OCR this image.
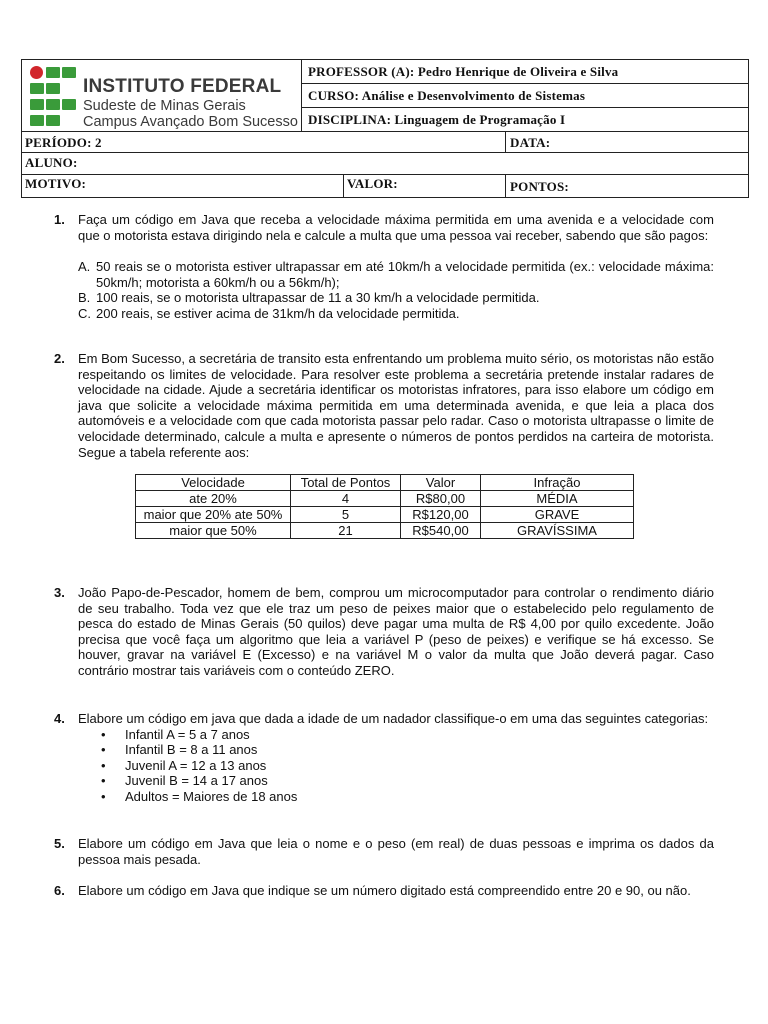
INSTITUTO FEDERAL
Sudeste de Minas Gerais
Campus Avançado Bom Sucesso
PROFESSOR (A): Pedro Henrique de Oliveira e Silva
CURSO: Análise e Desenvolvimento de Sistemas
DISCIPLINA: Linguagem de Programação I
PERÍODO: 2	DATA:
ALUNO:
MOTIVO:	VALOR:	PONTOS:
1. Faça um código em Java que receba a velocidade máxima permitida em uma avenida e a velocidade com que o motorista estava dirigindo nela e calcule a multa que uma pessoa vai receber, sabendo que são pagos:
A. 50 reais se o motorista estiver ultrapassar em até 10km/h a velocidade permitida (ex.: velocidade máxima: 50km/h; motorista a 60km/h ou a 56km/h);
B. 100 reais, se o motorista ultrapassar de 11 a 30 km/h a velocidade permitida.
C. 200 reais, se estiver acima de 31km/h da velocidade permitida.
2. Em Bom Sucesso, a secretária de transito esta enfrentando um problema muito sério, os motoristas não estão respeitando os limites de velocidade. Para resolver este problema a secretária pretende instalar radares de velocidade na cidade. Ajude a secretária identificar os motoristas infratores, para isso elabore um código em java que solicite a velocidade máxima permitida em uma determinada avenida, e que leia a placa dos automóveis e a velocidade com que cada motorista passar pelo radar. Caso o motorista ultrapasse o limite de velocidade determinado, calcule a multa e apresente o números de pontos perdidos na carteira de motorista. Segue a tabela referente aos:
Velocidade	Total de Pontos	Valor	Infração
ate 20%	4	R$80,00	MÉDIA
maior que 20% ate 50%	5	R$120,00	GRAVE
maior que 50%	21	R$540,00	GRAVÍSSIMA
3. João Papo-de-Pescador, homem de bem, comprou um microcomputador para controlar o rendimento diário de seu trabalho. Toda vez que ele traz um peso de peixes maior que o estabelecido pelo regulamento de pesca do estado de Minas Gerais (50 quilos) deve pagar uma multa de R$ 4,00 por quilo excedente. João precisa que você faça um algoritmo que leia a variável P (peso de peixes) e verifique se há excesso. Se houver, gravar na variável E (Excesso) e na variável M o valor da multa que João deverá pagar. Caso contrário mostrar tais variáveis com o conteúdo ZERO.
4. Elabore um código em java que dada a idade de um nadador classifique-o em uma das seguintes categorias:
• Infantil A = 5 a 7 anos
• Infantil B = 8 a 11 anos
• Juvenil A = 12 a 13 anos
• Juvenil B = 14 a 17 anos
• Adultos = Maiores de 18 anos
5. Elabore um código em Java que leia o nome e o peso (em real) de duas pessoas e imprima os dados da pessoa mais pesada.
6. Elabore um código em Java que indique se um número digitado está compreendido entre 20 e 90, ou não.
